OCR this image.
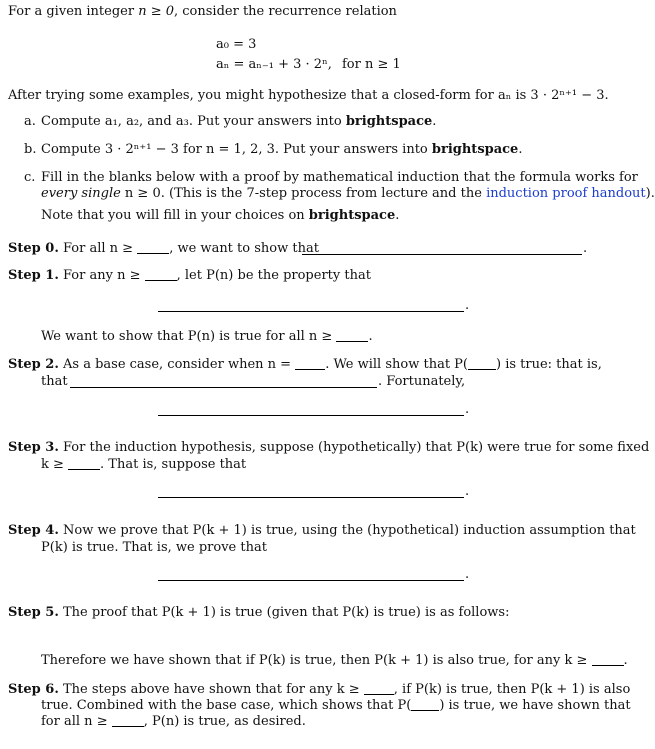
For a given integer n ≥ 0, consider the recurrence relation
a₀ = 3
aₙ = aₙ₋₁ + 3 · 2ⁿ, for n ≥ 1
After trying some examples, you might hypothesize that a closed-form for aₙ is 3 · 2ⁿ⁺¹ − 3.
a. Compute a₁, a₂, and a₃. Put your answers into brightspace.
b. Compute 3 · 2ⁿ⁺¹ − 3 for n = 1, 2, 3. Put your answers into brightspace.
c. Fill in the blanks below with a proof by mathematical induction that the formula works for
every single n ≥ 0. (This is the 7-step process from lecture and the induction proof handout).
Note that you will fill in your choices on brightspace.
Step 0. For all n ≥	, we want to show that	.
Step 1. For any n ≥	, let P(n) be the property that
.
We want to show that P(n) is true for all n ≥	.
Step 2. As a base case, consider when n =	. We will show that P( ) is true: that is,
that	. Fortunately,
.
Step 3. For the induction hypothesis, suppose (hypothetically) that P(k) were true for some fixed
k ≥	. That is, suppose that
.
Step 4. Now we prove that P(k + 1) is true, using the (hypothetical) induction assumption that
P(k) is true. That is, we prove that
.
Step 5. The proof that P(k + 1) is true (given that P(k) is true) is as follows:
Therefore we have shown that if P(k) is true, then P(k + 1) is also true, for any k ≥	.
Step 6. The steps above have shown that for any k ≥	, if P(k) is true, then P(k + 1) is also
true. Combined with the base case, which shows that P( ) is true, we have shown that
for all n ≥	, P(n) is true, as desired.
